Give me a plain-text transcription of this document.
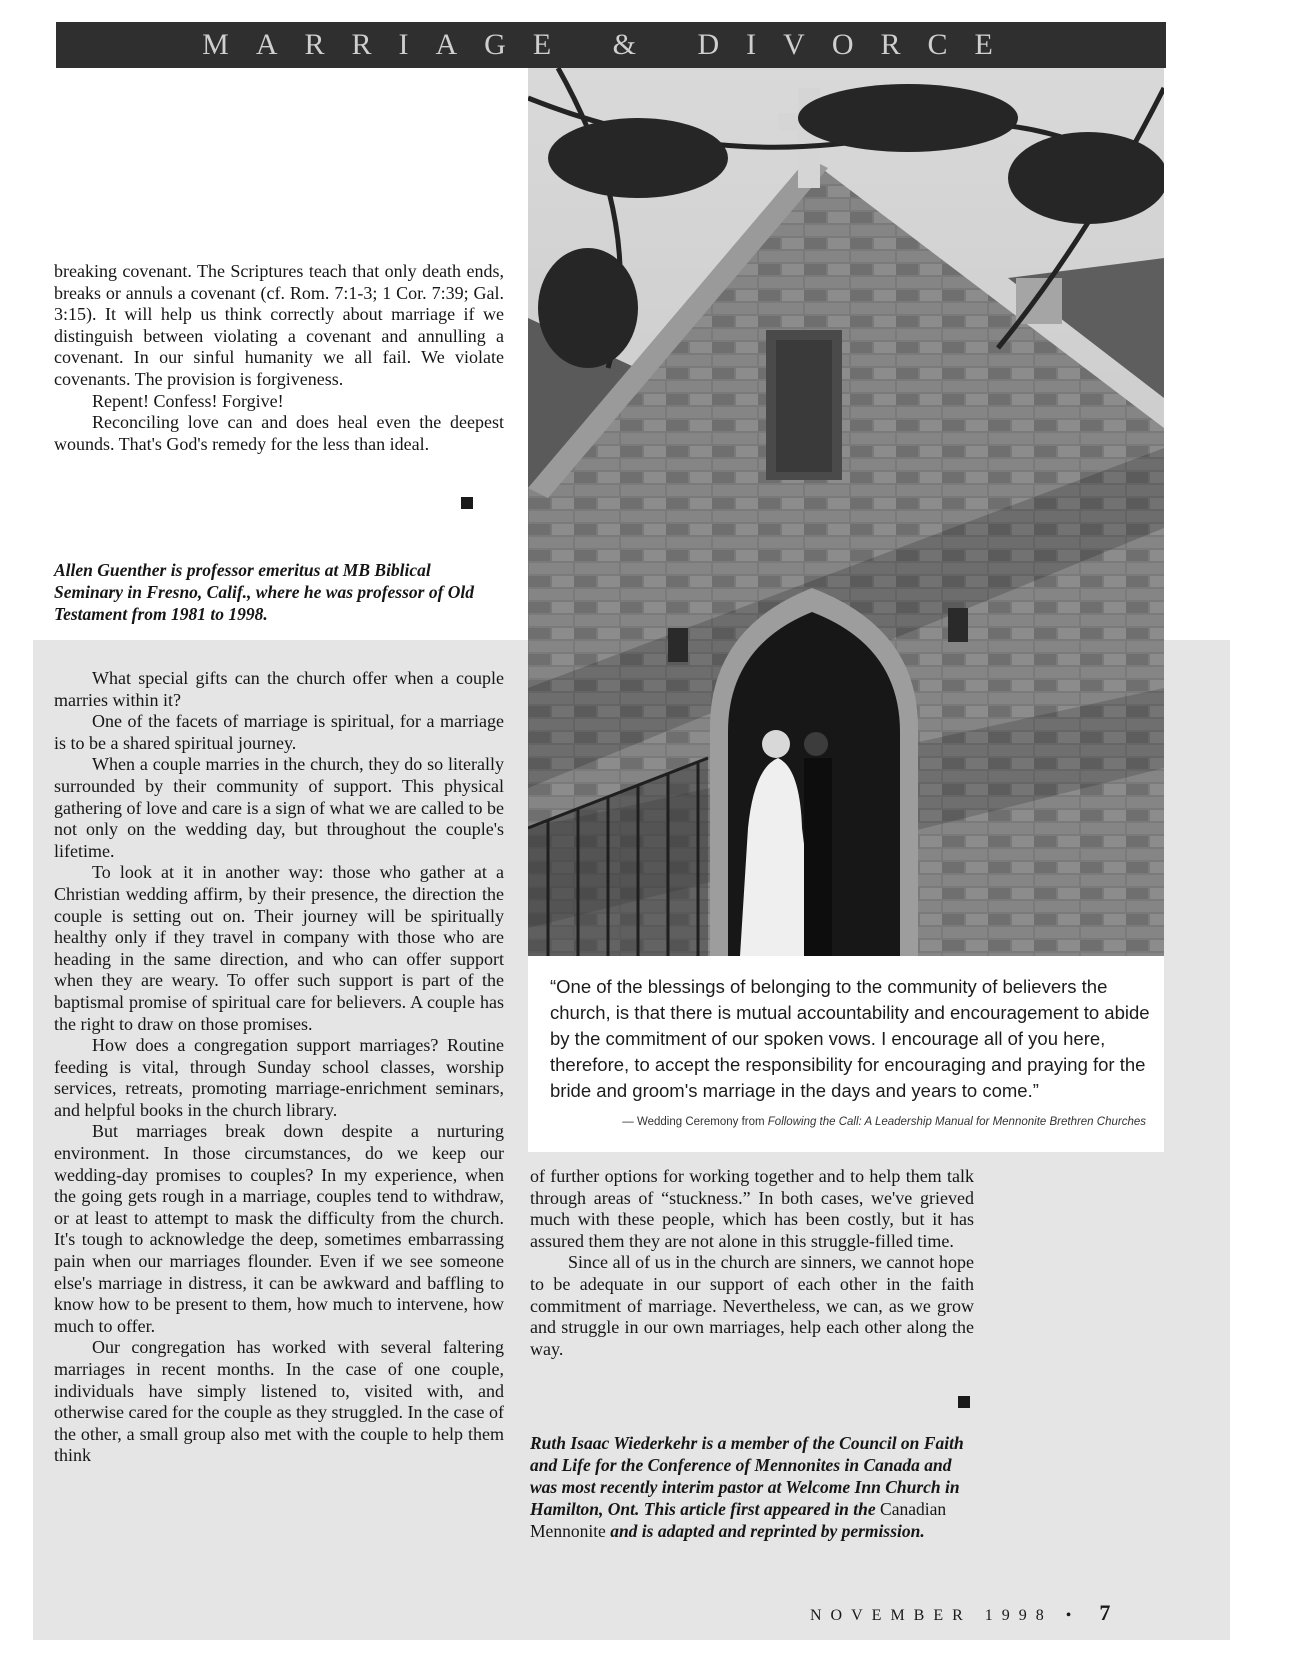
MARRIAGE & DIVORCE

“One of the blessings of belonging to the community of believers the church, is that there is mutual accountability and encouragement to abide by the commitment of our spoken vows. I encourage all of you here, therefore, to accept the responsibility for encouraging and praying for the bride and groom's marriage in the days and years to come.”

— Wedding Ceremony from Following the Call: A Leadership Manual for Mennonite Brethren Churches

breaking covenant. The Scriptures teach that only death ends, breaks or annuls a covenant (cf. Rom. 7:1-3; 1 Cor. 7:39; Gal. 3:15). It will help us think correctly about marriage if we distinguish between violating a covenant and annulling a covenant. In our sinful humanity we all fail. We violate covenants. The provision is forgiveness.

Repent! Confess! Forgive!

Reconciling love can and does heal even the deepest wounds. That's God's remedy for the less than ideal.

Allen Guenther is professor emeritus at MB Biblical Seminary in Fresno, Calif., where he was professor of Old Testament from 1981 to 1998.

What special gifts can the church offer when a couple marries within it?

One of the facets of marriage is spiritual, for a marriage is to be a shared spiritual journey.

When a couple marries in the church, they do so literally surrounded by their community of support. This physical gathering of love and care is a sign of what we are called to be not only on the wedding day, but throughout the couple's lifetime.

To look at it in another way: those who gather at a Christian wedding affirm, by their presence, the direction the couple is setting out on. Their journey will be spiritually healthy only if they travel in company with those who are heading in the same direction, and who can offer support when they are weary. To offer such support is part of the baptismal promise of spiritual care for believers. A couple has the right to draw on those promises.

How does a congregation support marriages? Routine feeding is vital, through Sunday school classes, worship services, retreats, promoting marriage-enrichment seminars, and helpful books in the church library.

But marriages break down despite a nurturing environment. In those circumstances, do we keep our wedding-day promises to couples? In my experience, when the going gets rough in a marriage, couples tend to withdraw, or at least to attempt to mask the difficulty from the church. It's tough to acknowledge the deep, sometimes embarrassing pain when our marriages flounder. Even if we see someone else's marriage in distress, it can be awkward and baffling to know how to be present to them, how much to intervene, how much to offer.

Our congregation has worked with several faltering marriages in recent months. In the case of one couple, individuals have simply listened to, visited with, and otherwise cared for the couple as they struggled. In the case of the other, a small group also met with the couple to help them think

of further options for working together and to help them talk through areas of “stuckness.” In both cases, we've grieved much with these people, which has been costly, but it has assured them they are not alone in this struggle-filled time.

Since all of us in the church are sinners, we cannot hope to be adequate in our support of each other in the faith commitment of marriage. Nevertheless, we can, as we grow and struggle in our own marriages, help each other along the way.

Ruth Isaac Wiederkehr is a member of the Council on Faith and Life for the Conference of Mennonites in Canada and was most recently interim pastor at Welcome Inn Church in Hamilton, Ont. This article first appeared in the Canadian Mennonite and is adapted and reprinted by permission.

NOVEMBER 1998 • 7
